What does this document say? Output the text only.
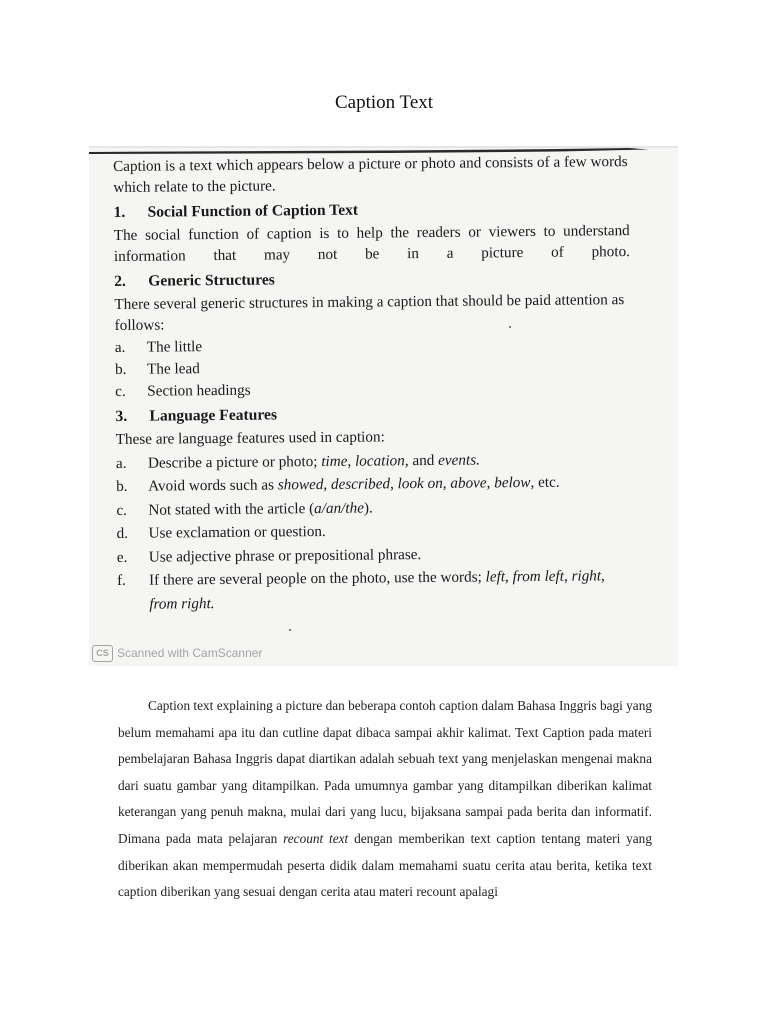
Caption Text

Caption is a text which appears below a picture or photo and consists of a few words which relate to the picture.

1.	Social Function of Caption Text

The social function of caption is to help the readers or viewers to understand information that may not be in a picture of photo.

2.	Generic Structures

There several generic structures in making a caption that should be paid attention as follows:

a.	The little
b.	The lead
c.	Section headings
3.	Language Features

These are language features used in caption:

a.	Describe a picture or photo; time, location, and events.
b.	Avoid words such as showed, described, look on, above, below, etc.
c.	Not stated with the article (a/an/the).
d.	Use exclamation or question.
e.	Use adjective phrase or prepositional phrase.
f.	If there are several people on the photo, use the words; left, from left, right,
from right.
CS Scanned with CamScanner

Caption text explaining a picture dan beberapa contoh caption dalam Bahasa Inggris bagi yang belum memahami apa itu dan cutline dapat dibaca sampai akhir kalimat. Text Caption pada materi pembelajaran Bahasa Inggris dapat diartikan adalah sebuah text yang menjelaskan mengenai makna dari suatu gambar yang ditampilkan. Pada umumnya gambar yang ditampilkan diberikan kalimat keterangan yang penuh makna, mulai dari yang lucu, bijaksana sampai pada berita dan informatif. Dimana pada mata pelajaran recount text dengan memberikan text caption tentang materi yang diberikan akan mempermudah peserta didik dalam memahami suatu cerita atau berita, ketika text caption diberikan yang sesuai dengan cerita atau materi recount apalagi
